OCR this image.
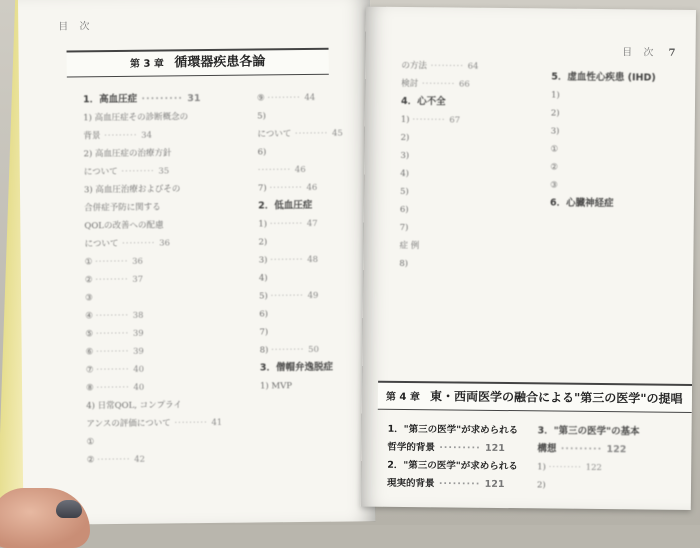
目 次
第 3 章 循環器疾患各論
1．高血圧症 ········· 31
1) 高血圧症その診断概念の
背景 ········· 34
2) 高血圧症の治療方針
について ········· 35
3) 高血圧治療およびその
合併症予防に関する
QOLの改善への配慮
について ········· 36
① ········· 36
② ········· 37
③
④ ········· 38
⑤ ········· 39
⑥ ········· 39
⑦ ········· 40
⑧ ········· 40
4) 日常QOL, コンプライ
アンスの評価について ········· 41
①
② ········· 42
⑨ ········· 44
5)
について ········· 45
6)
········· 46
7) ········· 46
2．低血圧症
1) ········· 47
2)
3) ········· 48
4)
5) ········· 49
6)
7)
8) ········· 50
3．僧帽弁逸脱症
1) MVP
目 次 7
の方法 ········· 64
検討 ········· 66
4．心不全
1) ········· 67
2)
3)
4)
5)
6)
7)
症 例
8)
5．虚血性心疾患 (IHD)
1)
2)
3)
①
②
③
6．心臓神経症
第 4 章 東・西両医学の融合による"第三の医学"の提唱
1．"第三の医学"が求められる
哲学的背景 ········· 121
2．"第三の医学"が求められる
現実的背景 ········· 121
3．"第三の医学"の基本
構想 ········· 122
1) ········· 122
2)
